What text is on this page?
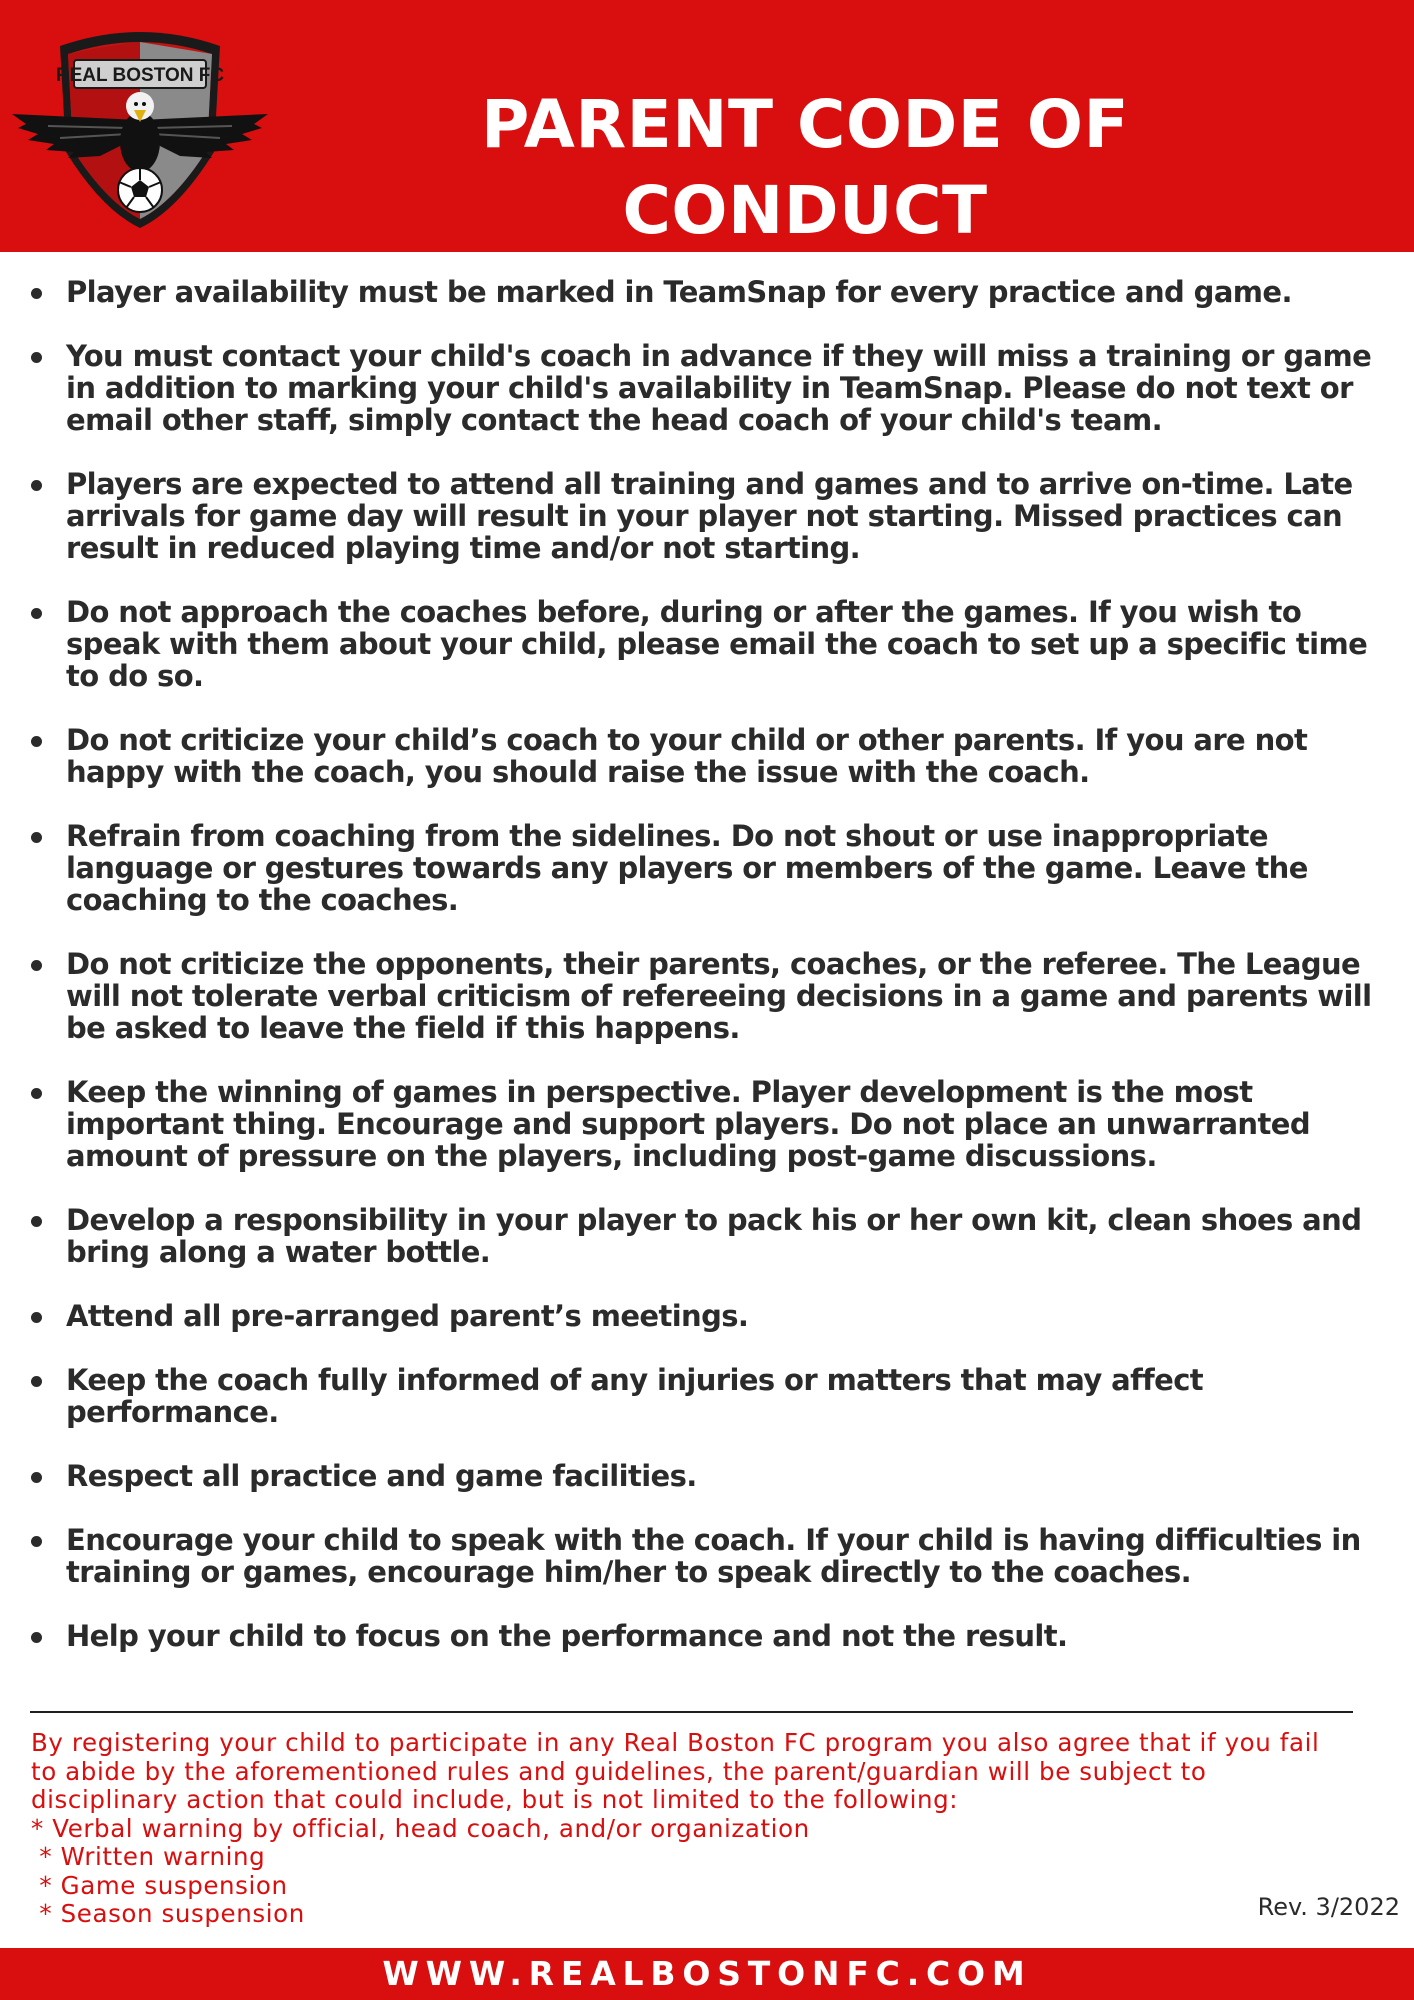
REAL BOSTON FC
PARENT CODE OF CONDUCT
Player availability must be marked in TeamSnap for every practice and game.
You must contact your child's coach in advance if they will miss a training or game in addition to marking your child's availability in TeamSnap. Please do not text or email other staff, simply contact the head coach of your child's team.
Players are expected to attend all training and games and to arrive on-time. Late arrivals for game day will result in your player not starting. Missed practices can result in reduced playing time and/or not starting.
Do not approach the coaches before, during or after the games. If you wish to speak with them about your child, please email the coach to set up a specific time to do so.
Do not criticize your child’s coach to your child or other parents. If you are not happy with the coach, you should raise the issue with the coach.
Refrain from coaching from the sidelines. Do not shout or use inappropriate language or gestures towards any players or members of the game. Leave the coaching to the coaches.
Do not criticize the opponents, their parents, coaches, or the referee. The League will not tolerate verbal criticism of refereeing decisions in a game and parents will be asked to leave the field if this happens.
Keep the winning of games in perspective. Player development is the most important thing. Encourage and support players. Do not place an unwarranted amount of pressure on the players, including post-game discussions.
Develop a responsibility in your player to pack his or her own kit, clean shoes and bring along a water bottle.
Attend all pre-arranged parent’s meetings.
Keep the coach fully informed of any injuries or matters that may affect performance.
Respect all practice and game facilities.
Encourage your child to speak with the coach. If your child is having difficulties in training or games, encourage him/her to speak directly to the coaches.
Help your child to focus on the performance and not the result.
By registering your child to participate in any Real Boston FC program you also agree that if you fail
to abide by the aforementioned rules and guidelines, the parent/guardian will be subject to
disciplinary action that could include, but is not limited to the following:
* Verbal warning by official, head coach, and/or organization
* Written warning
* Game suspension
* Season suspension	Rev. 3/2022
WWW.REALBOSTONFC.COM
